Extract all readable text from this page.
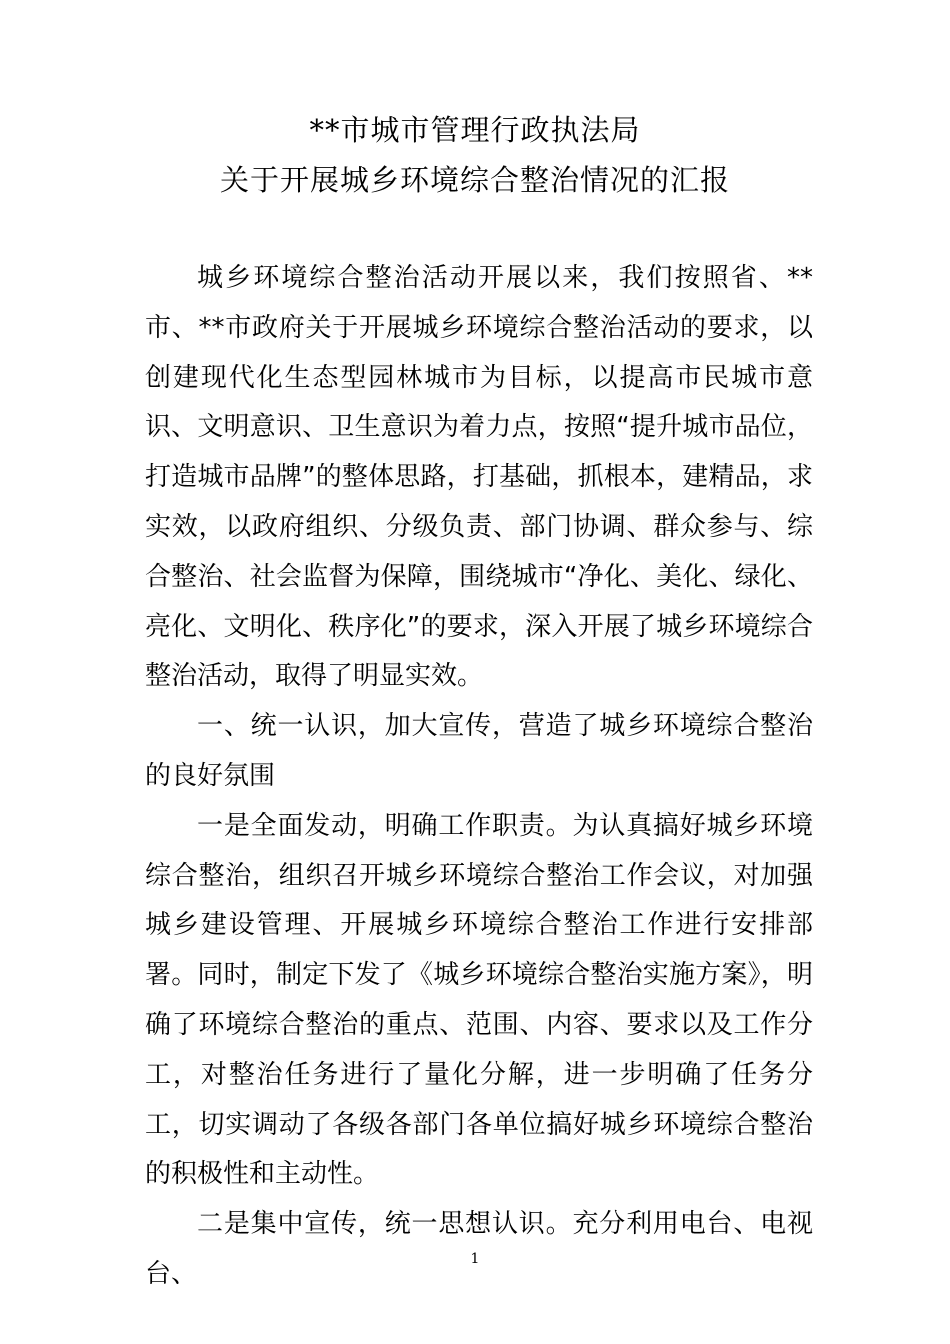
**市城市管理行政执法局
关于开展城乡环境综合整治情况的汇报

城乡环境综合整治活动开展以来，我们按照省、**市、**市政府关于开展城乡环境综合整治活动的要求，以创建现代化生态型园林城市为目标，以提高市民城市意识、文明意识、卫生意识为着力点，按照“提升城市品位，打造城市品牌”的整体思路，打基础，抓根本，建精品，求实效，以政府组织、分级负责、部门协调、群众参与、综合整治、社会监督为保障，围绕城市“净化、美化、绿化、亮化、文明化、秩序化”的要求，深入开展了城乡环境综合整治活动，取得了明显实效。

一、统一认识，加大宣传，营造了城乡环境综合整治的良好氛围

一是全面发动，明确工作职责。为认真搞好城乡环境综合整治，组织召开城乡环境综合整治工作会议，对加强城乡建设管理、开展城乡环境综合整治工作进行安排部署。同时，制定下发了《城乡环境综合整治实施方案》，明确了环境综合整治的重点、范围、内容、要求以及工作分工，对整治任务进行了量化分解，进一步明确了任务分工，切实调动了各级各部门各单位搞好城乡环境综合整治的积极性和主动性。

二是集中宣传，统一思想认识。充分利用电台、电视台、	1
